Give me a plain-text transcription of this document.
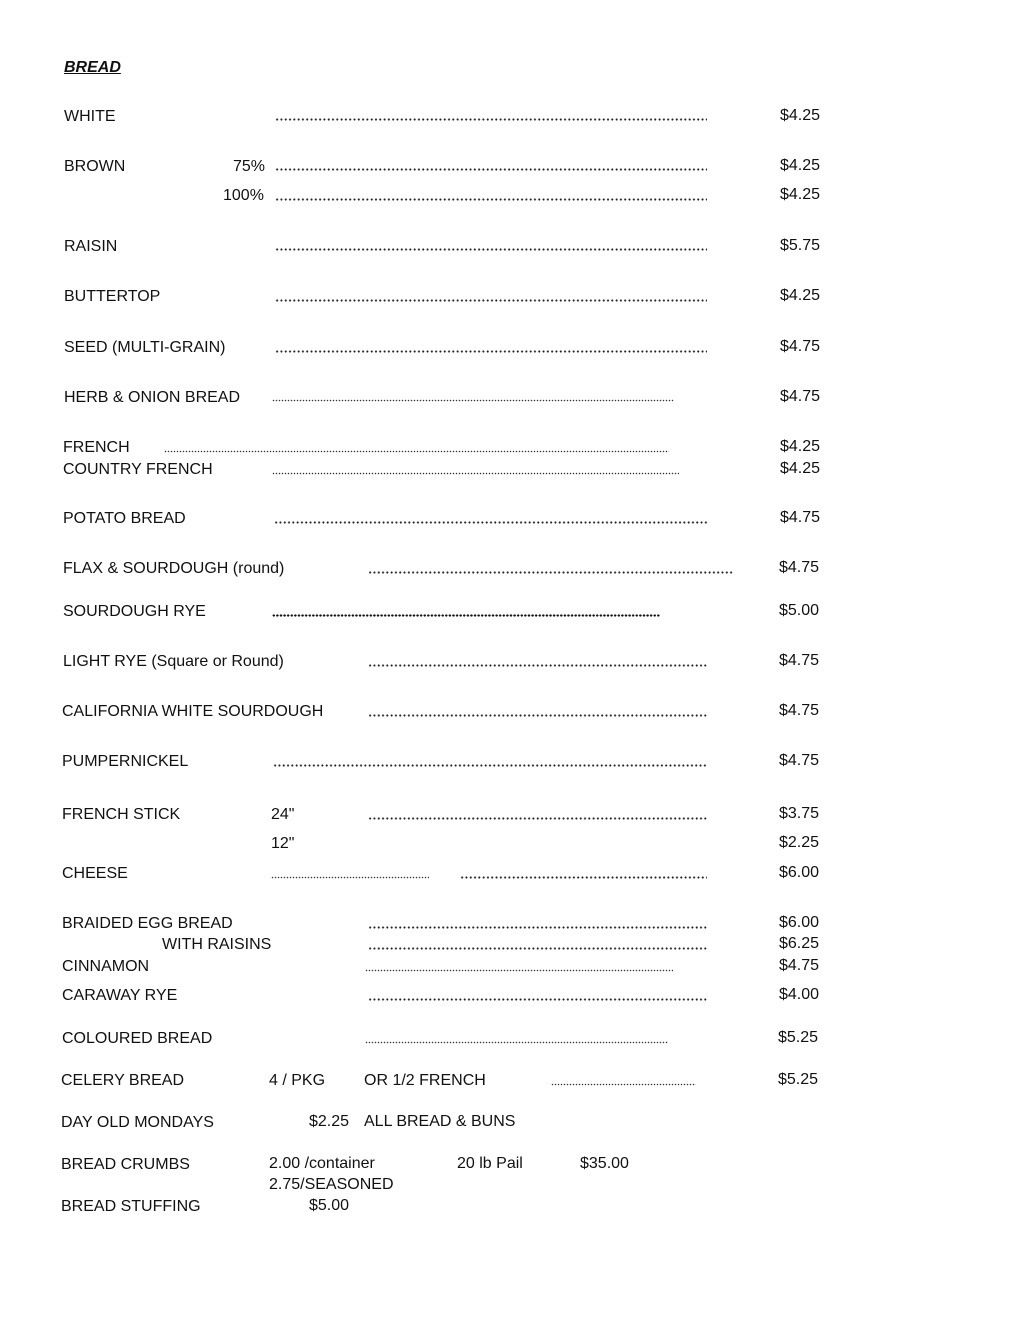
BREAD
WHITE	$4.25
BROWN	75%	$4.25
100%	$4.25
RAISIN	$5.75
BUTTERTOP	$4.25
SEED (MULTI-GRAIN)	$4.75
HERB & ONION BREAD	$4.75
FRENCH	$4.25
COUNTRY FRENCH	$4.25
POTATO BREAD	$4.75
FLAX & SOURDOUGH (round)	$4.75
SOURDOUGH RYE	$5.00
LIGHT RYE (Square or Round)	$4.75
CALIFORNIA WHITE SOURDOUGH	$4.75
PUMPERNICKEL	$4.75
FRENCH STICK	24"	$3.75
12"	$2.25
CHEESE	$6.00
BRAIDED EGG BREAD	$6.00
WITH RAISINS	$6.25
CINNAMON	$4.75
CARAWAY RYE	$4.00
COLOURED BREAD	$5.25
CELERY BREAD	4 / PKG OR 1/2 FRENCH	$5.25
DAY OLD MONDAYS	$2.25 ALL BREAD & BUNS
BREAD CRUMBS	2.00 /container	20 lb Pail	$35.00
2.75/SEASONED
BREAD STUFFING	$5.00
